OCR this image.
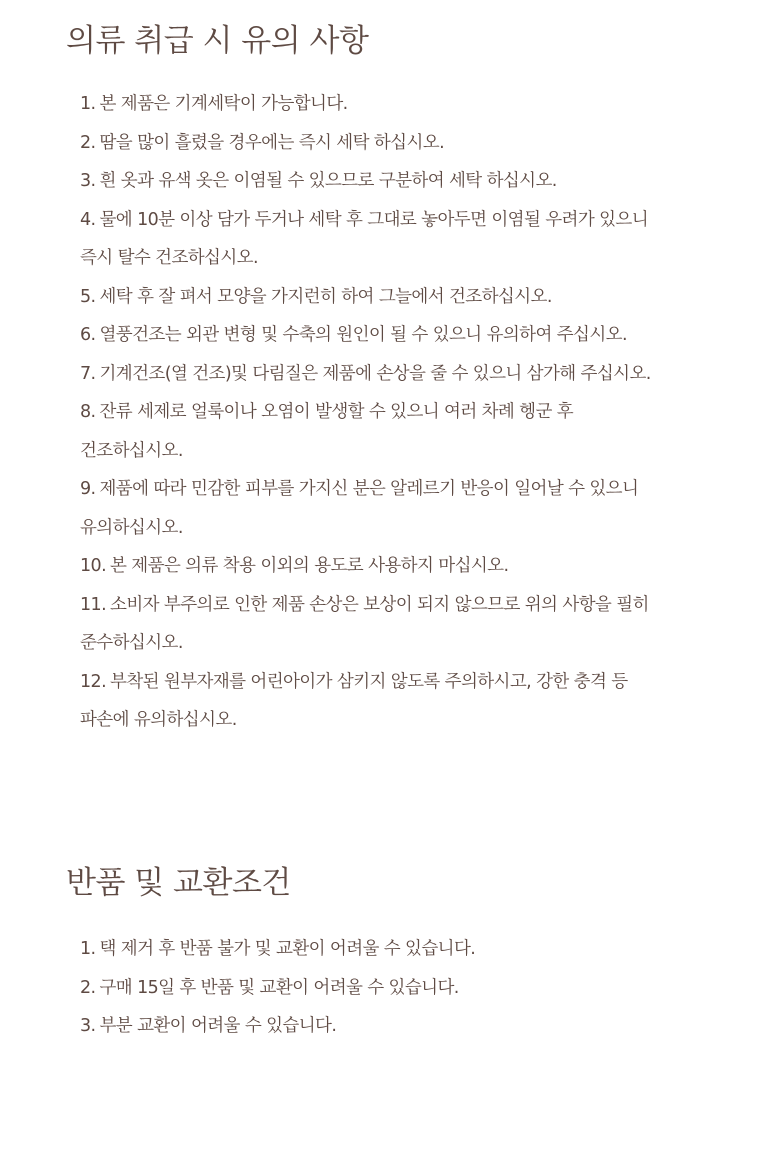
의류 취급 시 유의 사항
1. 본 제품은 기계세탁이 가능합니다.
2. 땀을 많이 흘렸을 경우에는 즉시 세탁 하십시오.
3. 흰 옷과 유색 옷은 이염될 수 있으므로 구분하여 세탁 하십시오.
4. 물에 10분 이상 담가 두거나 세탁 후 그대로 놓아두면 이염될 우려가 있으니
즉시 탈수 건조하십시오.
5. 세탁 후 잘 펴서 모양을 가지런히 하여 그늘에서 건조하십시오.
6. 열풍건조는 외관 변형 및 수축의 원인이 될 수 있으니 유의하여 주십시오.
7. 기계건조(열 건조)및 다림질은 제품에 손상을 줄 수 있으니 삼가해 주십시오.
8. 잔류 세제로 얼룩이나 오염이 발생할 수 있으니 여러 차례 헹군 후
건조하십시오.
9. 제품에 따라 민감한 피부를 가지신 분은 알레르기 반응이 일어날 수 있으니
유의하십시오.
10. 본 제품은 의류 착용 이외의 용도로 사용하지 마십시오.
11. 소비자 부주의로 인한 제품 손상은 보상이 되지 않으므로 위의 사항을 필히
준수하십시오.
12. 부착된 원부자재를 어린아이가 삼키지 않도록 주의하시고, 강한 충격 등
파손에 유의하십시오.
반품 및 교환조건
1. 택 제거 후 반품 불가 및 교환이 어려울 수 있습니다.
2. 구매 15일 후 반품 및 교환이 어려울 수 있습니다.
3. 부분 교환이 어려울 수 있습니다.
